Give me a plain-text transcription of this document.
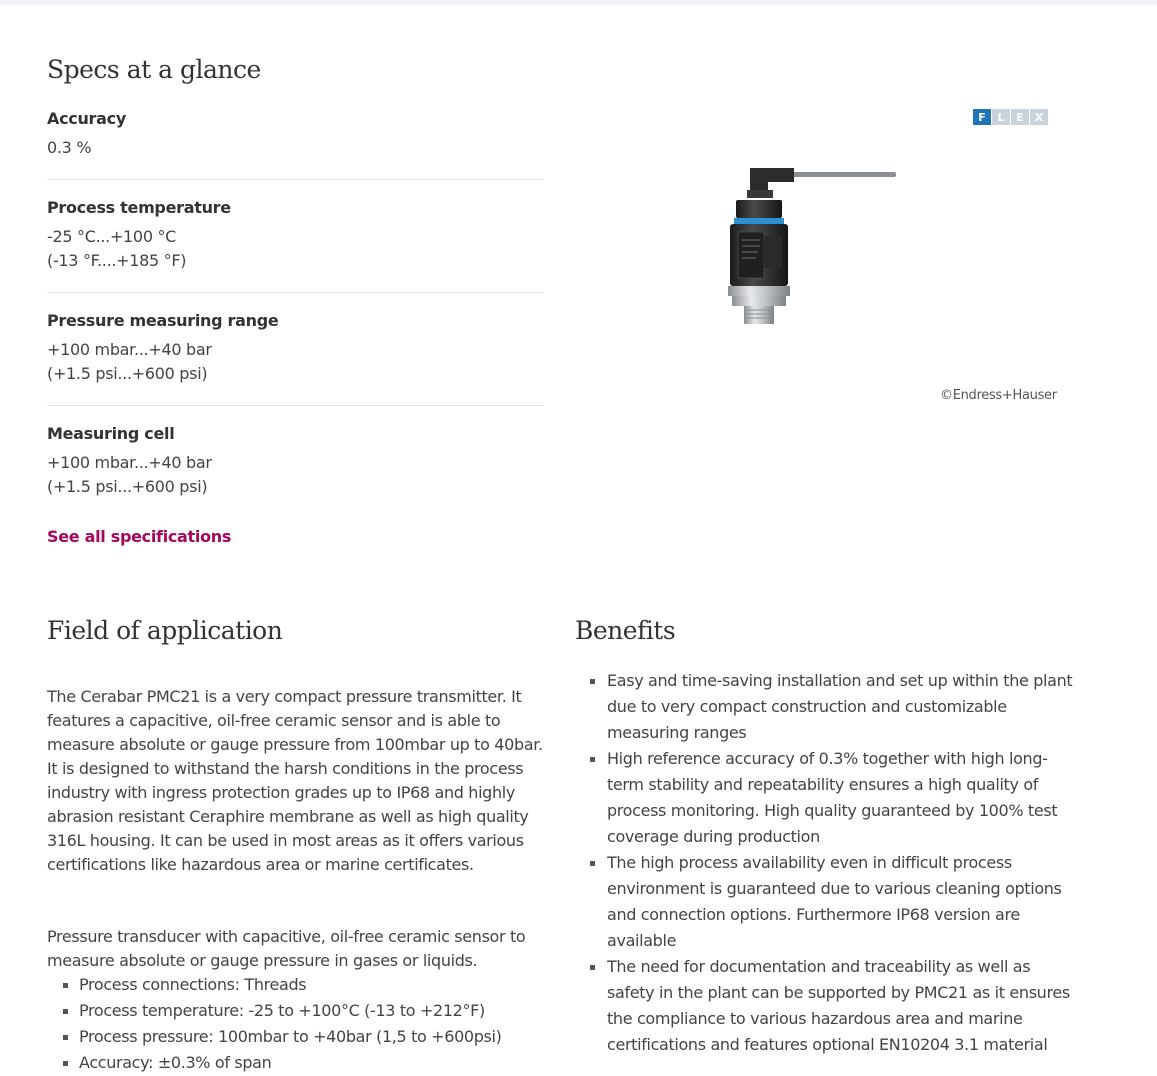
Specs at a glance
Accuracy
0.3 %
Process temperature
-25 °C...+100 °C
(-13 °F....+185 °F)
Pressure measuring range
+100 mbar...+40 bar
(+1.5 psi...+600 psi)
Measuring cell
+100 mbar...+40 bar
(+1.5 psi...+600 psi)
See all specifications
F	L	E	X
©Endress+Hauser
Field of application

The Cerabar PMC21 is a very compact pressure transmitter. It features a capacitive, oil-free ceramic sensor and is able to measure absolute or gauge pressure from 100mbar up to 40bar. It is designed to withstand the harsh conditions in the process industry with ingress protection grades up to IP68 and highly abrasion resistant Ceraphire membrane as well as high quality 316L housing. It can be used in most areas as it offers various certifications like hazardous area or marine certificates.

Pressure transducer with capacitive, oil-free ceramic sensor to measure absolute or gauge pressure in gases or liquids.

Process connections: Threads
Process temperature: -25 to +100°C (-13 to +212°F)
Process pressure: 100mbar to +40bar (1,5 to +600psi)
Accuracy: ±0.3% of span
Benefits
Easy and time-saving installation and set up within the plant due to very compact construction and customizable measuring ranges
High reference accuracy of 0.3% together with high long-term stability and repeatability ensures a high quality of process monitoring. High quality guaranteed by 100% test coverage during production
The high process availability even in difficult process environment is guaranteed due to various cleaning options and connection options. Furthermore IP68 version are available
The need for documentation and traceability as well as safety in the plant can be supported by PMC21 as it ensures the compliance to various hazardous area and marine certifications and features optional EN10204 3.1 material
